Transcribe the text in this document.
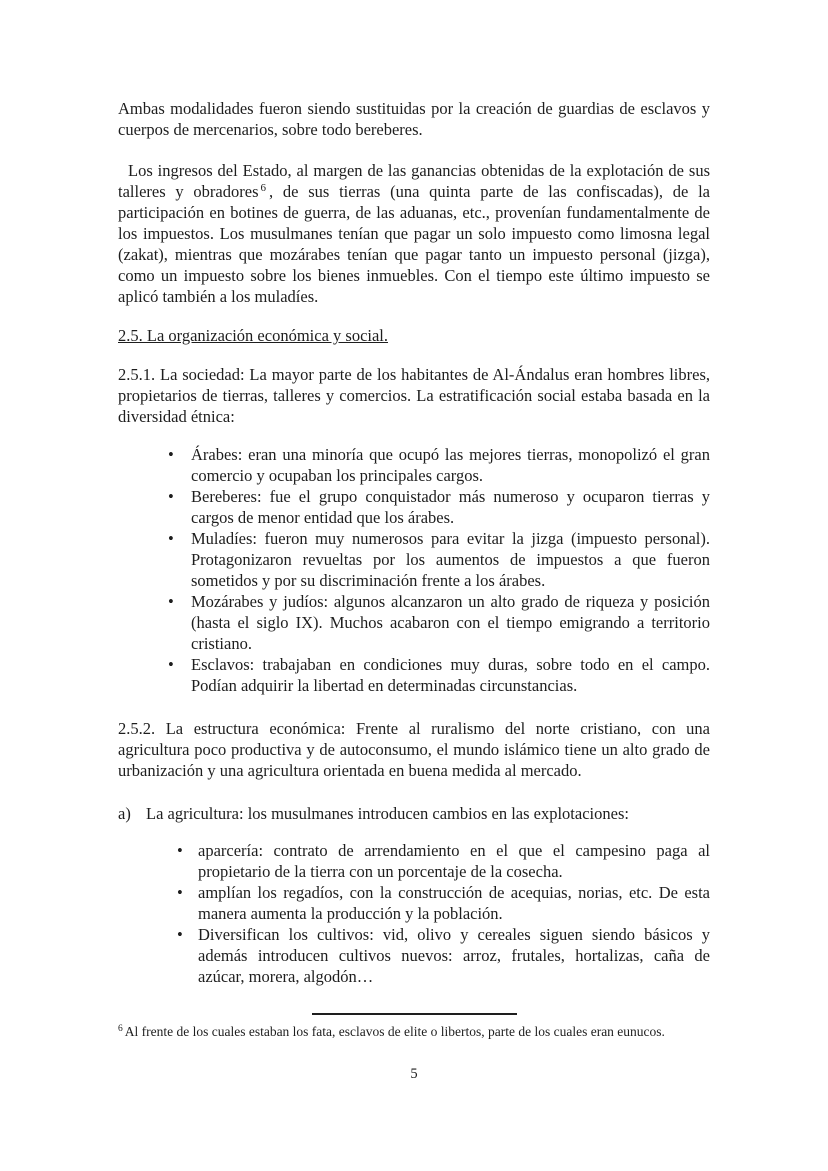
Ambas modalidades fueron siendo sustituidas por la creación de guardias de esclavos y cuerpos de mercenarios, sobre todo bereberes.

Los ingresos del Estado, al margen de las ganancias obtenidas de la explotación de sus talleres y obradores $^6$ , de sus tierras (una quinta parte de las confiscadas), de la participación en botines de guerra, de las aduanas, etc., provenían fundamentalmente de los impuestos. Los musulmanes tenían que pagar un solo impuesto como limosna legal (zakat), mientras que mozárabes tenían que pagar tanto un impuesto personal (jizga), como un impuesto sobre los bienes inmuebles. Con el tiempo este último impuesto se aplicó también a los muladíes.

2.5. La organización económica y social.

2.5.1. La sociedad: La mayor parte de los habitantes de Al-Ándalus eran hombres libres, propietarios de tierras, talleres y comercios. La estratificación social estaba basada en la diversidad étnica:

• Árabes: eran una minoría que ocupó las mejores tierras, monopolizó el gran comercio y ocupaban los principales cargos.
• Bereberes: fue el grupo conquistador más numeroso y ocuparon tierras y cargos de menor entidad que los árabes.
• Muladíes: fueron muy numerosos para evitar la jizga (impuesto personal). Protagonizaron revueltas por los aumentos de impuestos a que fueron sometidos y por su discriminación frente a los árabes.
• Mozárabes y judíos: algunos alcanzaron un alto grado de riqueza y posición (hasta el siglo IX). Muchos acabaron con el tiempo emigrando a territorio cristiano.
• Esclavos: trabajaban en condiciones muy duras, sobre todo en el campo. Podían adquirir la libertad en determinadas circunstancias.

2.5.2. La estructura económica: Frente al ruralismo del norte cristiano, con una agricultura poco productiva y de autoconsumo, el mundo islámico tiene un alto grado de urbanización y una agricultura orientada en buena medida al mercado.

a) La agricultura: los musulmanes introducen cambios en las explotaciones:
• aparcería: contrato de arrendamiento en el que el campesino paga al propietario de la tierra con un porcentaje de la cosecha.
• amplían los regadíos, con la construcción de acequias, norias, etc. De esta manera aumenta la producción y la población.
• Diversifican los cultivos: vid, olivo y cereales siguen siendo básicos y además introducen cultivos nuevos: arroz, frutales, hortalizas, caña de azúcar, morera, algodón…

$^6$ Al frente de los cuales estaban los fata, esclavos de elite o libertos, parte de los cuales eran eunucos.

5
